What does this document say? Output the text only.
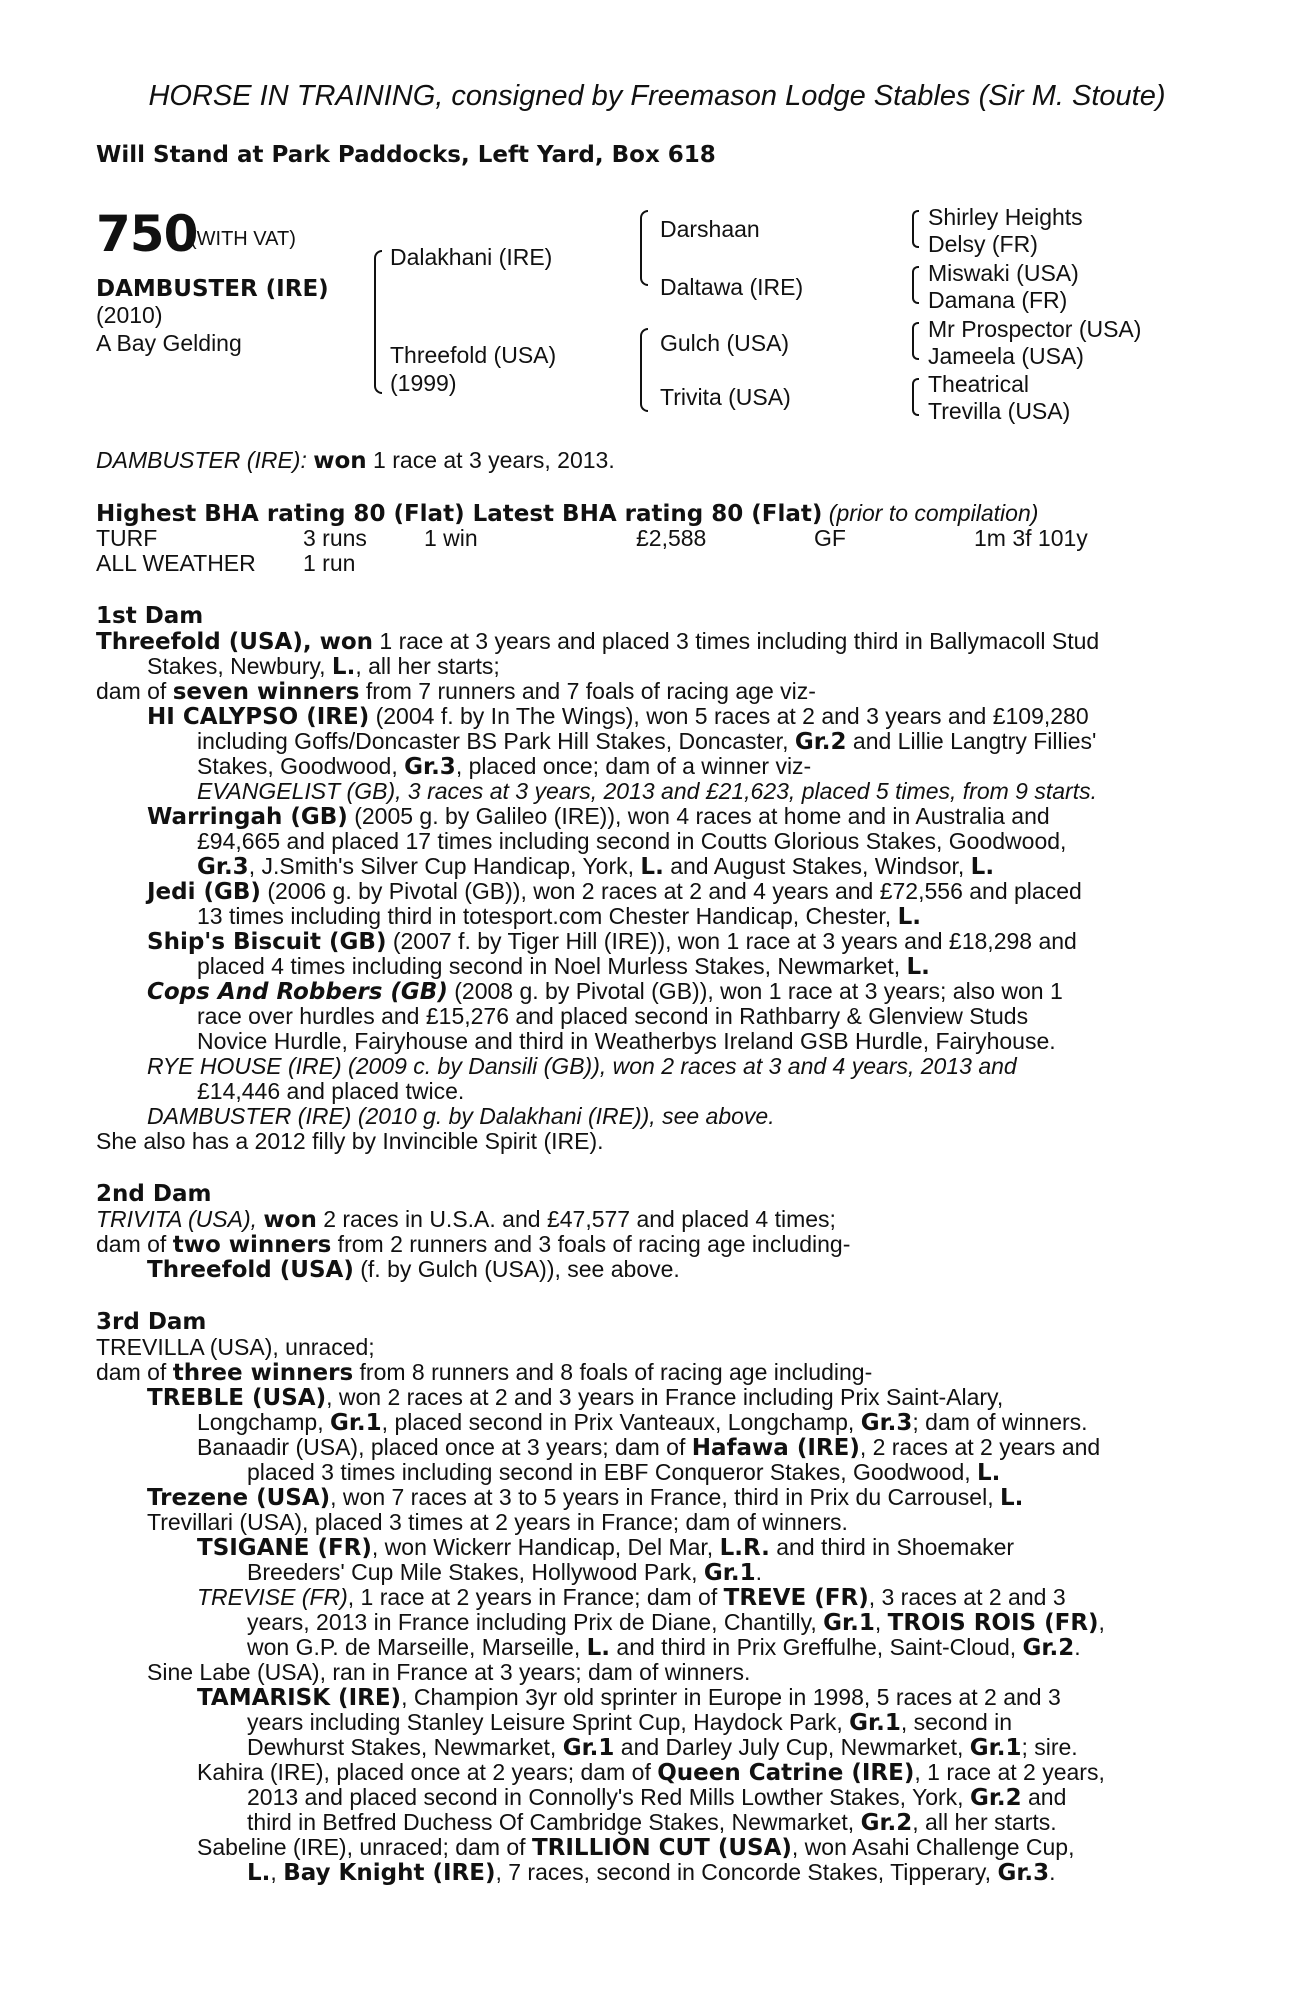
HORSE IN TRAINING, consigned by Freemason Lodge Stables (Sir M. Stoute)
Will Stand at Park Paddocks, Left Yard, Box 618
750
(WITH VAT)
DAMBUSTER (IRE)
(2010)
A Bay Gelding
Dalakhani (IRE)
Threefold (USA)
(1999)
Darshaan
Daltawa (IRE)
Gulch (USA)
Trivita (USA)
Shirley Heights
Delsy (FR)
Miswaki (USA)
Damana (FR)
Mr Prospector (USA)
Jameela (USA)
Theatrical
Trevilla (USA)
DAMBUSTER (IRE): won 1 race at 3 years, 2013.
Highest BHA rating 80 (Flat) Latest BHA rating 80 (Flat) (prior to compilation)
TURF	3 runs 1 win	£2,588	GF	1m 3f 101y
ALL WEATHER 1 run
1st Dam
Threefold (USA), won 1 race at 3 years and placed 3 times including third in Ballymacoll Stud
Stakes, Newbury, L., all her starts;
dam of seven winners from 7 runners and 7 foals of racing age viz-
HI CALYPSO (IRE) (2004 f. by In The Wings), won 5 races at 2 and 3 years and £109,280
including Goffs/Doncaster BS Park Hill Stakes, Doncaster, Gr.2 and Lillie Langtry Fillies'
Stakes, Goodwood, Gr.3, placed once; dam of a winner viz-
EVANGELIST (GB), 3 races at 3 years, 2013 and £21,623, placed 5 times, from 9 starts.
Warringah (GB) (2005 g. by Galileo (IRE)), won 4 races at home and in Australia and
£94,665 and placed 17 times including second in Coutts Glorious Stakes, Goodwood,
Gr.3, J.Smith's Silver Cup Handicap, York, L. and August Stakes, Windsor, L.
Jedi (GB) (2006 g. by Pivotal (GB)), won 2 races at 2 and 4 years and £72,556 and placed
13 times including third in totesport.com Chester Handicap, Chester, L.
Ship's Biscuit (GB) (2007 f. by Tiger Hill (IRE)), won 1 race at 3 years and £18,298 and
placed 4 times including second in Noel Murless Stakes, Newmarket, L.
Cops And Robbers (GB) (2008 g. by Pivotal (GB)), won 1 race at 3 years; also won 1
race over hurdles and £15,276 and placed second in Rathbarry & Glenview Studs
Novice Hurdle, Fairyhouse and third in Weatherbys Ireland GSB Hurdle, Fairyhouse.
RYE HOUSE (IRE) (2009 c. by Dansili (GB)), won 2 races at 3 and 4 years, 2013 and
£14,446 and placed twice.
DAMBUSTER (IRE) (2010 g. by Dalakhani (IRE)), see above.
She also has a 2012 filly by Invincible Spirit (IRE).
2nd Dam
TRIVITA (USA), won 2 races in U.S.A. and £47,577 and placed 4 times;
dam of two winners from 2 runners and 3 foals of racing age including-
Threefold (USA) (f. by Gulch (USA)), see above.
3rd Dam
TREVILLA (USA), unraced;
dam of three winners from 8 runners and 8 foals of racing age including-
TREBLE (USA), won 2 races at 2 and 3 years in France including Prix Saint-Alary,
Longchamp, Gr.1, placed second in Prix Vanteaux, Longchamp, Gr.3; dam of winners.
Banaadir (USA), placed once at 3 years; dam of Hafawa (IRE), 2 races at 2 years and
placed 3 times including second in EBF Conqueror Stakes, Goodwood, L.
Trezene (USA), won 7 races at 3 to 5 years in France, third in Prix du Carrousel, L.
Trevillari (USA), placed 3 times at 2 years in France; dam of winners.
TSIGANE (FR), won Wickerr Handicap, Del Mar, L.R. and third in Shoemaker
Breeders' Cup Mile Stakes, Hollywood Park, Gr.1.
TREVISE (FR), 1 race at 2 years in France; dam of TREVE (FR), 3 races at 2 and 3
years, 2013 in France including Prix de Diane, Chantilly, Gr.1, TROIS ROIS (FR),
won G.P. de Marseille, Marseille, L. and third in Prix Greffulhe, Saint-Cloud, Gr.2.
Sine Labe (USA), ran in France at 3 years; dam of winners.
TAMARISK (IRE), Champion 3yr old sprinter in Europe in 1998, 5 races at 2 and 3
years including Stanley Leisure Sprint Cup, Haydock Park, Gr.1, second in
Dewhurst Stakes, Newmarket, Gr.1 and Darley July Cup, Newmarket, Gr.1; sire.
Kahira (IRE), placed once at 2 years; dam of Queen Catrine (IRE), 1 race at 2 years,
2013 and placed second in Connolly's Red Mills Lowther Stakes, York, Gr.2 and
third in Betfred Duchess Of Cambridge Stakes, Newmarket, Gr.2, all her starts.
Sabeline (IRE), unraced; dam of TRILLION CUT (USA), won Asahi Challenge Cup,
L., Bay Knight (IRE), 7 races, second in Concorde Stakes, Tipperary, Gr.3.
